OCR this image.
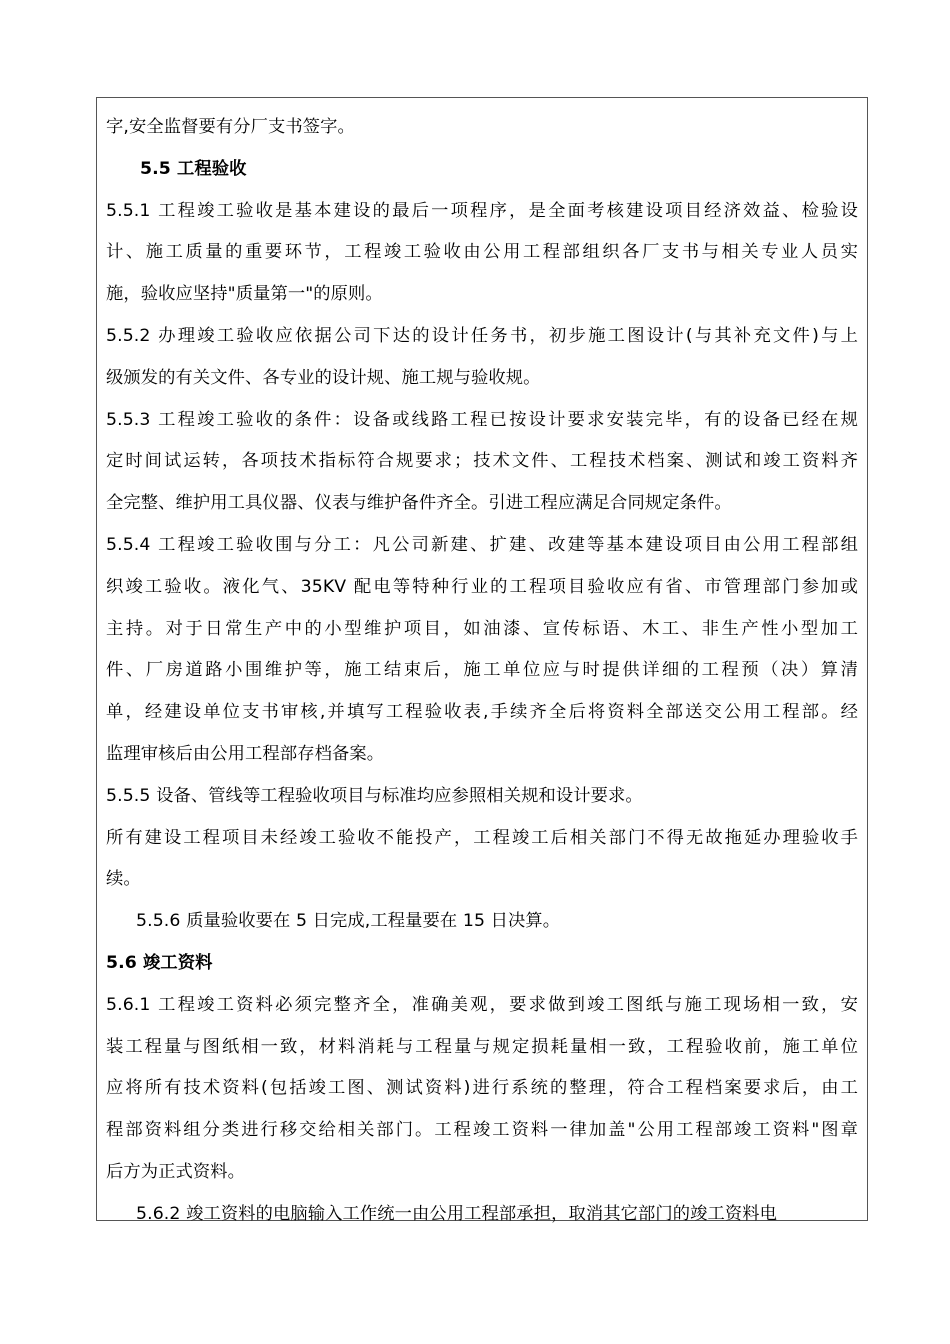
字,安全监督要有分厂支书签字。
5.5 工程验收
5.5.1 工程竣工验收是基本建设的最后一项程序，是全面考核建设项目经济效益、检验设
计、施工质量的重要环节，工程竣工验收由公用工程部组织各厂支书与相关专业人员实
施，验收应坚持"质量第一"的原则。
5.5.2 办理竣工验收应依据公司下达的设计任务书，初步施工图设计(与其补充文件)与上
级颁发的有关文件、各专业的设计规、施工规与验收规。
5.5.3 工程竣工验收的条件：设备或线路工程已按设计要求安装完毕，有的设备已经在规
定时间试运转，各项技术指标符合规要求；技术文件、工程技术档案、测试和竣工资料齐
全完整、维护用工具仪器、仪表与维护备件齐全。引进工程应满足合同规定条件。
5.5.4 工程竣工验收围与分工：凡公司新建、扩建、改建等基本建设项目由公用工程部组
织竣工验收。液化气、35KV 配电等特种行业的工程项目验收应有省、市管理部门参加或
主持。对于日常生产中的小型维护项目，如油漆、宣传标语、木工、非生产性小型加工
件、厂房道路小围维护等，施工结束后，施工单位应与时提供详细的工程预（决）算清
单，经建设单位支书审核,并填写工程验收表,手续齐全后将资料全部送交公用工程部。经
监理审核后由公用工程部存档备案。
5.5.5 设备、管线等工程验收项目与标准均应参照相关规和设计要求。
所有建设工程项目未经竣工验收不能投产，工程竣工后相关部门不得无故拖延办理验收手
续。
5.5.6 质量验收要在 5 日完成,工程量要在 15 日决算。
5.6 竣工资料
5.6.1 工程竣工资料必须完整齐全，准确美观，要求做到竣工图纸与施工现场相一致，安
装工程量与图纸相一致，材料消耗与工程量与规定损耗量相一致，工程验收前，施工单位
应将所有技术资料(包括竣工图、测试资料)进行系统的整理，符合工程档案要求后，由工
程部资料组分类进行移交给相关部门。工程竣工资料一律加盖"公用工程部竣工资料"图章
后方为正式资料。
5.6.2 竣工资料的电脑输入工作统一由公用工程部承担，取消其它部门的竣工资料电
